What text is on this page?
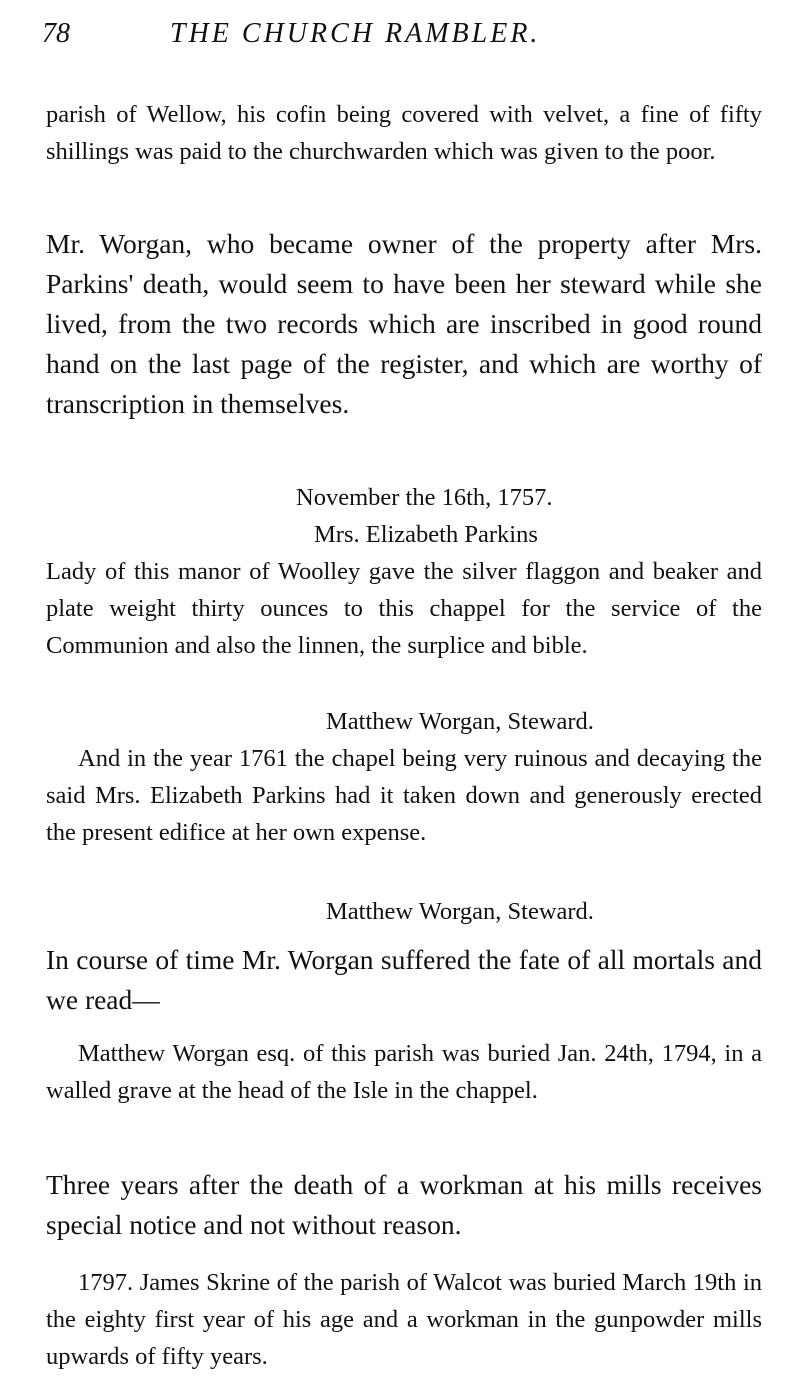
78	THE CHURCH RAMBLER.

parish of Wellow, his cofin being covered with velvet, a fine of fifty shillings was paid to the churchwarden which was given to the poor.

Mr. Worgan, who became owner of the property after Mrs. Parkins' death, would seem to have been her steward while she lived, from the two records which are inscribed in good round hand on the last page of the register, and which are worthy of transcription in themselves.

November the 16th, 1757.
Mrs. Elizabeth Parkins

Lady of this manor of Woolley gave the silver flaggon and beaker and plate weight thirty ounces to this chappel for the service of the Communion and also the linnen, the surplice and bible.

Matthew Worgan, Steward.

And in the year 1761 the chapel being very ruinous and decaying the said Mrs. Elizabeth Parkins had it taken down and generously erected the present edifice at her own expense.

Matthew Worgan, Steward.

In course of time Mr. Worgan suffered the fate of all mortals and we read—

Matthew Worgan esq. of this parish was buried Jan. 24th, 1794, in a walled grave at the head of the Isle in the chappel.

Three years after the death of a workman at his mills receives special notice and not without reason.

1797. James Skrine of the parish of Walcot was buried March 19th in the eighty first year of his age and a workman in the gunpowder mills upwards of fifty years.
